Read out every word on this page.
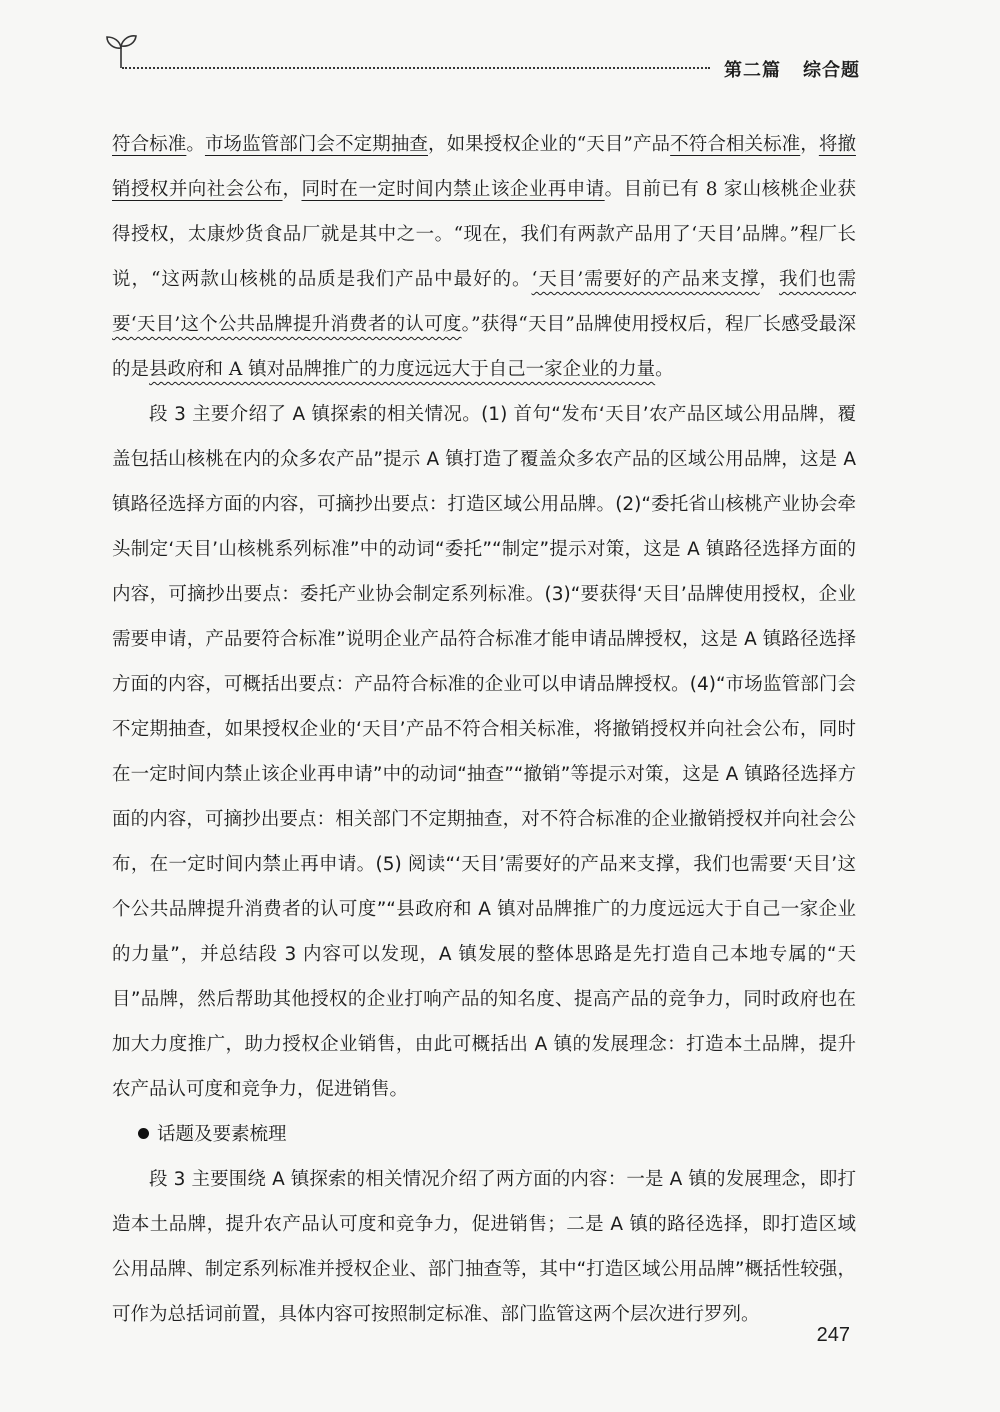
第二篇 综合题

符合标准。市场监管部门会不定期抽查，如果授权企业的“天目”产品不符合相关标准，将撤销授权并向社会公布，同时在一定时间内禁止该企业再申请。目前已有 8 家山核桃企业获得授权，太康炒货食品厂就是其中之一。“现在，我们有两款产品用了‘天目’品牌。”程厂长说，“这两款山核桃的品质是我们产品中最好的。‘天目’需要好的产品来支撑，我们也需要‘天目’这个公共品牌提升消费者的认可度。”获得“天目”品牌使用授权后，程厂长感受最深的是县政府和 A 镇对品牌推广的力度远远大于自己一家企业的力量。

段 3 主要介绍了 A 镇探索的相关情况。(1) 首句“发布‘天目’农产品区域公用品牌，覆盖包括山核桃在内的众多农产品”提示 A 镇打造了覆盖众多农产品的区域公用品牌，这是 A 镇路径选择方面的内容，可摘抄出要点：打造区域公用品牌。(2)“委托省山核桃产业协会牵头制定‘天目’山核桃系列标准”中的动词“委托”“制定”提示对策，这是 A 镇路径选择方面的内容，可摘抄出要点：委托产业协会制定系列标准。(3)“要获得‘天目’品牌使用授权，企业需要申请，产品要符合标准”说明企业产品符合标准才能申请品牌授权，这是 A 镇路径选择方面的内容，可概括出要点：产品符合标准的企业可以申请品牌授权。(4)“市场监管部门会不定期抽查，如果授权企业的‘天目’产品不符合相关标准，将撤销授权并向社会公布，同时在一定时间内禁止该企业再申请”中的动词“抽查”“撤销”等提示对策，这是 A 镇路径选择方面的内容，可摘抄出要点：相关部门不定期抽查，对不符合标准的企业撤销授权并向社会公布，在一定时间内禁止再申请。(5) 阅读“‘天目’需要好的产品来支撑，我们也需要‘天目’这个公共品牌提升消费者的认可度”“县政府和 A 镇对品牌推广的力度远远大于自己一家企业的力量”，并总结段 3 内容可以发现，A 镇发展的整体思路是先打造自己本地专属的“天目”品牌，然后帮助其他授权的企业打响产品的知名度、提高产品的竞争力，同时政府也在加大力度推广，助力授权企业销售，由此可概括出 A 镇的发展理念：打造本土品牌，提升农产品认可度和竞争力，促进销售。

话题及要素梳理

段 3 主要围绕 A 镇探索的相关情况介绍了两方面的内容：一是 A 镇的发展理念，即打造本土品牌，提升农产品认可度和竞争力，促进销售；二是 A 镇的路径选择，即打造区域公用品牌、制定系列标准并授权企业、部门抽查等，其中“打造区域公用品牌”概括性较强，可作为总括词前置，具体内容可按照制定标准、部门监管这两个层次进行罗列。

247
